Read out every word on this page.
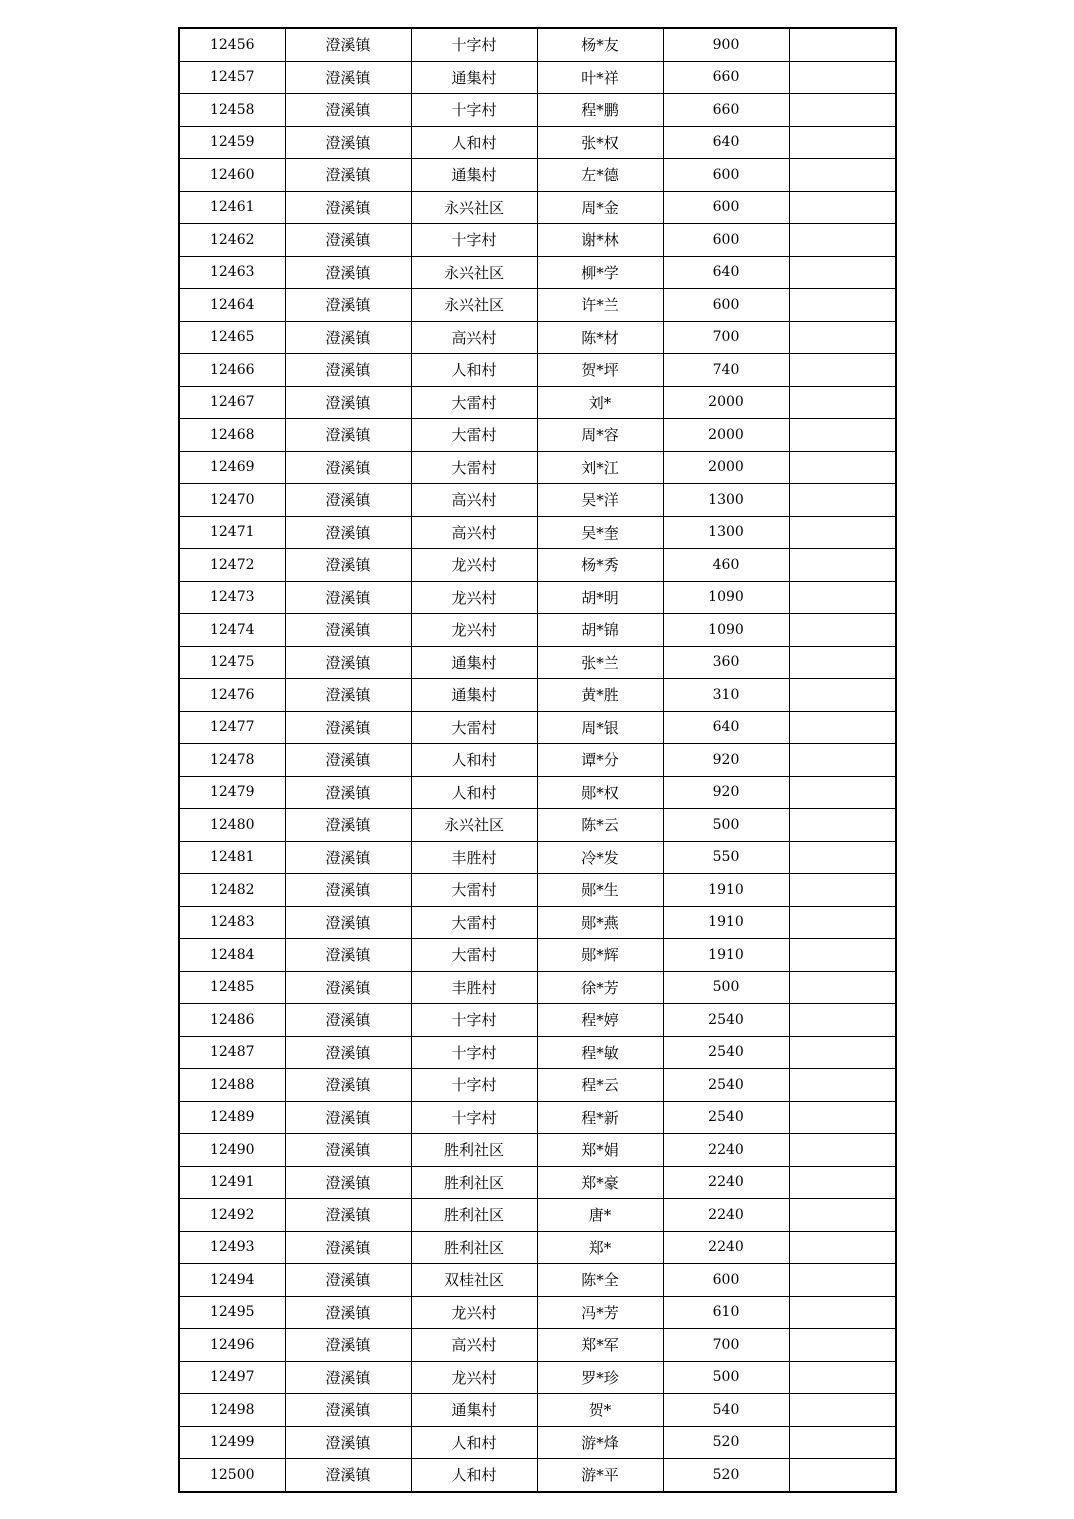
12456	澄溪镇	十字村	杨*友	900	
12457	澄溪镇	通集村	叶*祥	660	
12458	澄溪镇	十字村	程*鹏	660	
12459	澄溪镇	人和村	张*权	640	
12460	澄溪镇	通集村	左*德	600	
12461	澄溪镇	永兴社区	周*金	600	
12462	澄溪镇	十字村	谢*林	600	
12463	澄溪镇	永兴社区	柳*学	640	
12464	澄溪镇	永兴社区	许*兰	600	
12465	澄溪镇	高兴村	陈*材	700	
12466	澄溪镇	人和村	贺*坪	740	
12467	澄溪镇	大雷村	刘*	2000	
12468	澄溪镇	大雷村	周*容	2000	
12469	澄溪镇	大雷村	刘*江	2000	
12470	澄溪镇	高兴村	吴*洋	1300	
12471	澄溪镇	高兴村	吴*奎	1300	
12472	澄溪镇	龙兴村	杨*秀	460	
12473	澄溪镇	龙兴村	胡*明	1090	
12474	澄溪镇	龙兴村	胡*锦	1090	
12475	澄溪镇	通集村	张*兰	360	
12476	澄溪镇	通集村	黄*胜	310	
12477	澄溪镇	大雷村	周*银	640	
12478	澄溪镇	人和村	谭*分	920	
12479	澄溪镇	人和村	郧*权	920	
12480	澄溪镇	永兴社区	陈*云	500	
12481	澄溪镇	丰胜村	冷*发	550	
12482	澄溪镇	大雷村	郧*生	1910	
12483	澄溪镇	大雷村	郧*燕	1910	
12484	澄溪镇	大雷村	郧*辉	1910	
12485	澄溪镇	丰胜村	徐*芳	500	
12486	澄溪镇	十字村	程*婷	2540	
12487	澄溪镇	十字村	程*敏	2540	
12488	澄溪镇	十字村	程*云	2540	
12489	澄溪镇	十字村	程*新	2540	
12490	澄溪镇	胜利社区	郑*娟	2240	
12491	澄溪镇	胜利社区	郑*豪	2240	
12492	澄溪镇	胜利社区	唐*	2240	
12493	澄溪镇	胜利社区	郑*	2240	
12494	澄溪镇	双桂社区	陈*全	600	
12495	澄溪镇	龙兴村	冯*芳	610	
12496	澄溪镇	高兴村	郑*军	700	
12497	澄溪镇	龙兴村	罗*珍	500	
12498	澄溪镇	通集村	贺*	540	
12499	澄溪镇	人和村	游*烽	520	
12500	澄溪镇	人和村	游*平	520	
